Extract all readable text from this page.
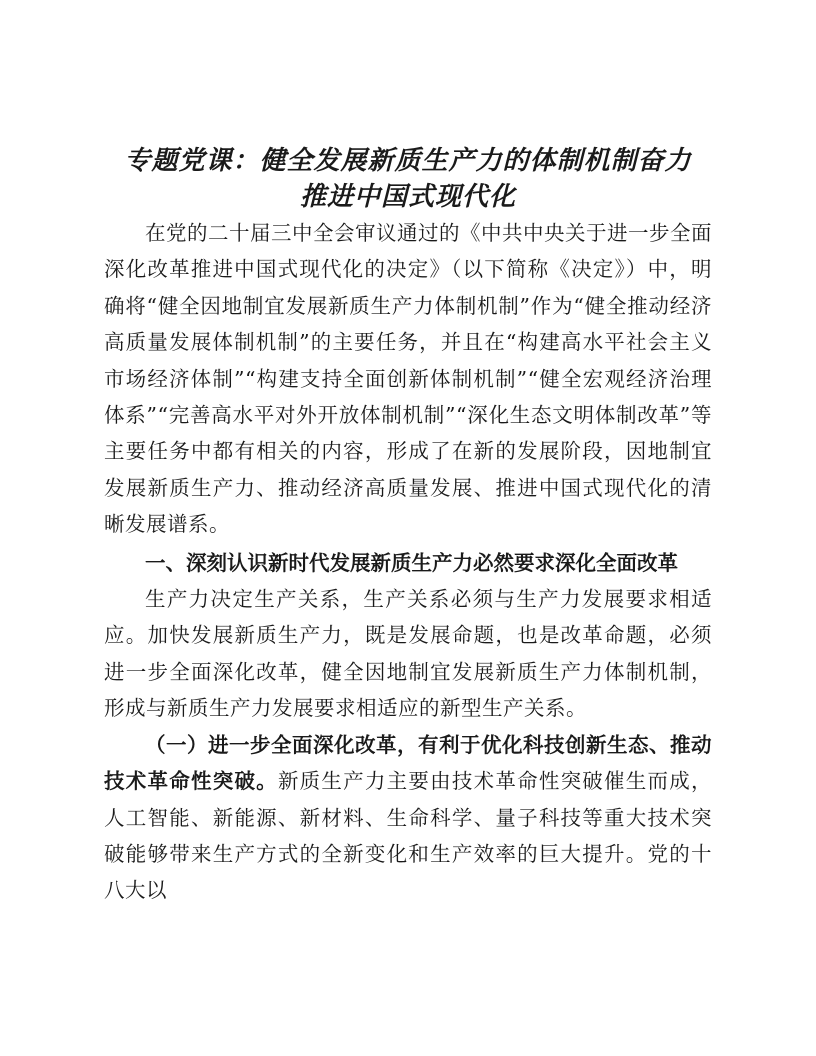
专题党课：健全发展新质生产力的体制机制奋力
推进中国式现代化

在党的二十届三中全会审议通过的《中共中央关于进一步全面深化改革推进中国式现代化的决定》（以下简称《决定》）中，明确将“健全因地制宜发展新质生产力体制机制”作为“健全推动经济高质量发展体制机制”的主要任务，并且在“构建高水平社会主义市场经济体制”“构建支持全面创新体制机制”“健全宏观经济治理体系”“完善高水平对外开放体制机制”“深化生态文明体制改革”等主要任务中都有相关的内容，形成了在新的发展阶段，因地制宜发展新质生产力、推动经济高质量发展、推进中国式现代化的清晰发展谱系。

一、深刻认识新时代发展新质生产力必然要求深化全面改革

生产力决定生产关系，生产关系必须与生产力发展要求相适应。加快发展新质生产力，既是发展命题，也是改革命题，必须进一步全面深化改革，健全因地制宜发展新质生产力体制机制，形成与新质生产力发展要求相适应的新型生产关系。

（一）进一步全面深化改革，有利于优化科技创新生态、推动技术革命性突破。新质生产力主要由技术革命性突破催生而成，人工智能、新能源、新材料、生命科学、量子科技等重大技术突破能够带来生产方式的全新变化和生产效率的巨大提升。党的十八大以
